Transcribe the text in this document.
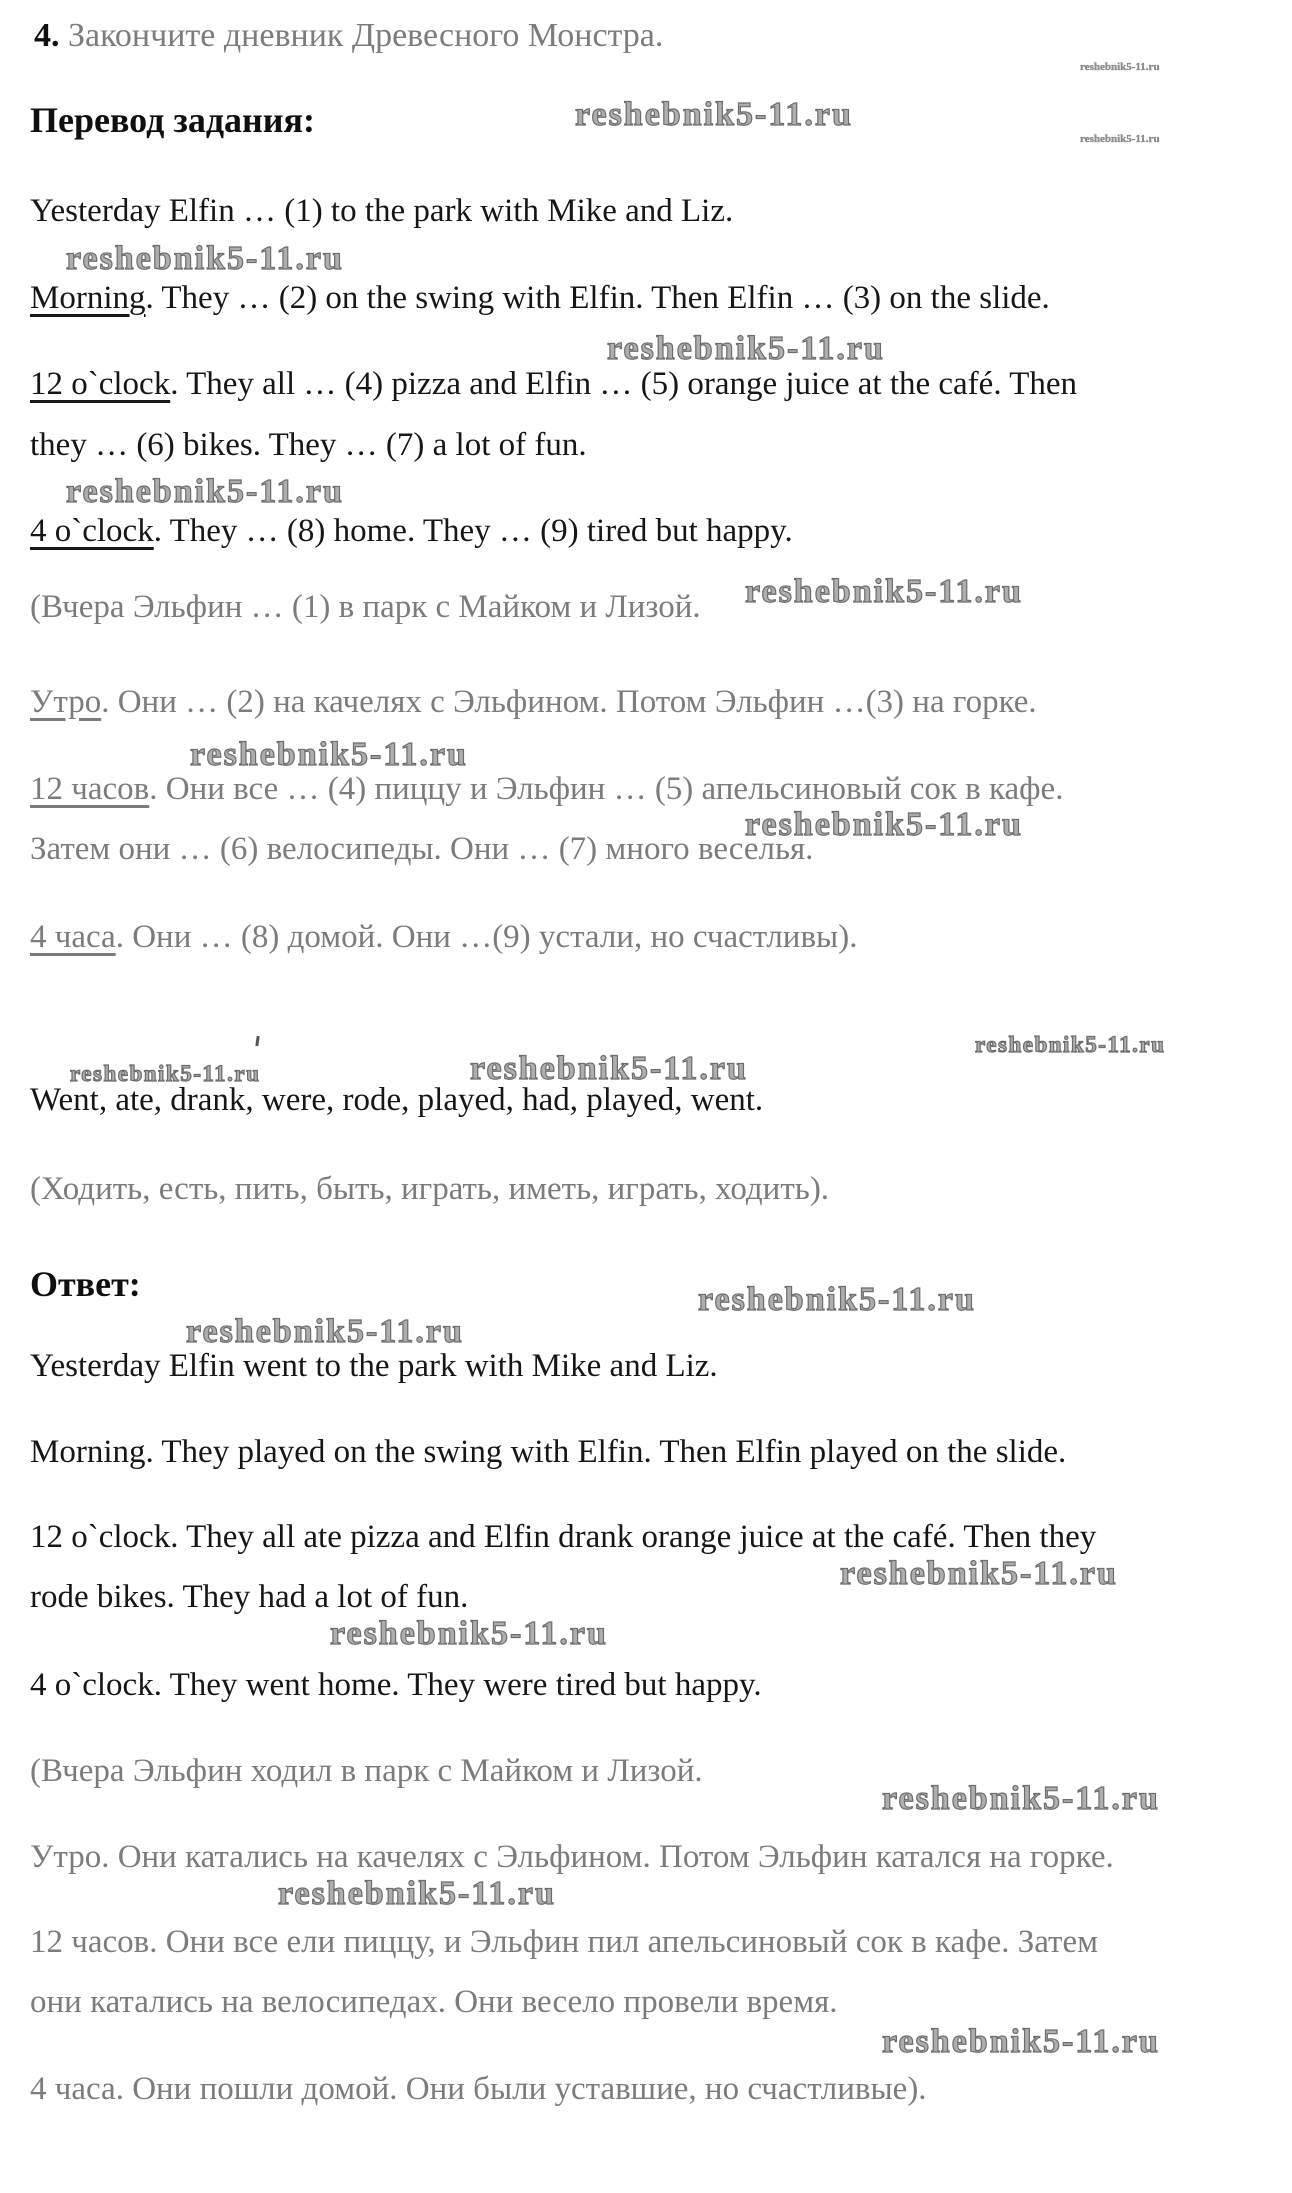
4. Закончите дневник Древесного Монстра.
Перевод задания:
Yesterday Elfin … (1) to the park with Mike and Liz.
Morning. They … (2) on the swing with Elfin. Then Elfin … (3) on the slide.
12 o`clock. They all … (4) pizza and Elfin … (5) orange juice at the café. Then
they … (6) bikes. They … (7) a lot of fun.
4 o`clock. They … (8) home. They … (9) tired but happy.
(Вчера Эльфин … (1) в парк с Майком и Лизой.
Утро. Они … (2) на качелях с Эльфином. Потом Эльфин …(3) на горке.
12 часов. Они все … (4) пиццу и Эльфин … (5) апельсиновый сок в кафе.
Затем они … (6) велосипеды. Они … (7) много веселья.
4 часа. Они … (8) домой. Они …(9) устали, но счастливы).
Went, ate, drank, were, rode, played, had, played, went.
(Ходить, есть, пить, быть, играть, иметь, играть, ходить).
Ответ:
Yesterday Elfin went to the park with Mike and Liz.
Morning. They played on the swing with Elfin. Then Elfin played on the slide.
12 o`clock. They all ate pizza and Elfin drank orange juice at the café. Then they
rode bikes. They had a lot of fun.
4 o`clock. They went home. They were tired but happy.
(Вчера Эльфин ходил в парк с Майком и Лизой.
Утро. Они катались на качелях с Эльфином. Потом Эльфин катался на горке.
12 часов. Они все ели пиццу, и Эльфин пил апельсиновый сок в кафе. Затем
они катались на велосипедах. Они весело провели время.
4 часа. Они пошли домой. Они были уставшие, но счастливые).
reshebnik5-11.ru
reshebnik5-11.ru
reshebnik5-11.ru
reshebnik5-11.ru
reshebnik5-11.ru
reshebnik5-11.ru
reshebnik5-11.ru
reshebnik5-11.ru
reshebnik5-11.ru
reshebnik5-11.ru
reshebnik5-11.ru	reshebnik5-11.ru
reshebnik5-11.ru
reshebnik5-11.ru
reshebnik5-11.ru
reshebnik5-11.ru
reshebnik5-11.ru
reshebnik5-11.ru
reshebnik5-11.ru
